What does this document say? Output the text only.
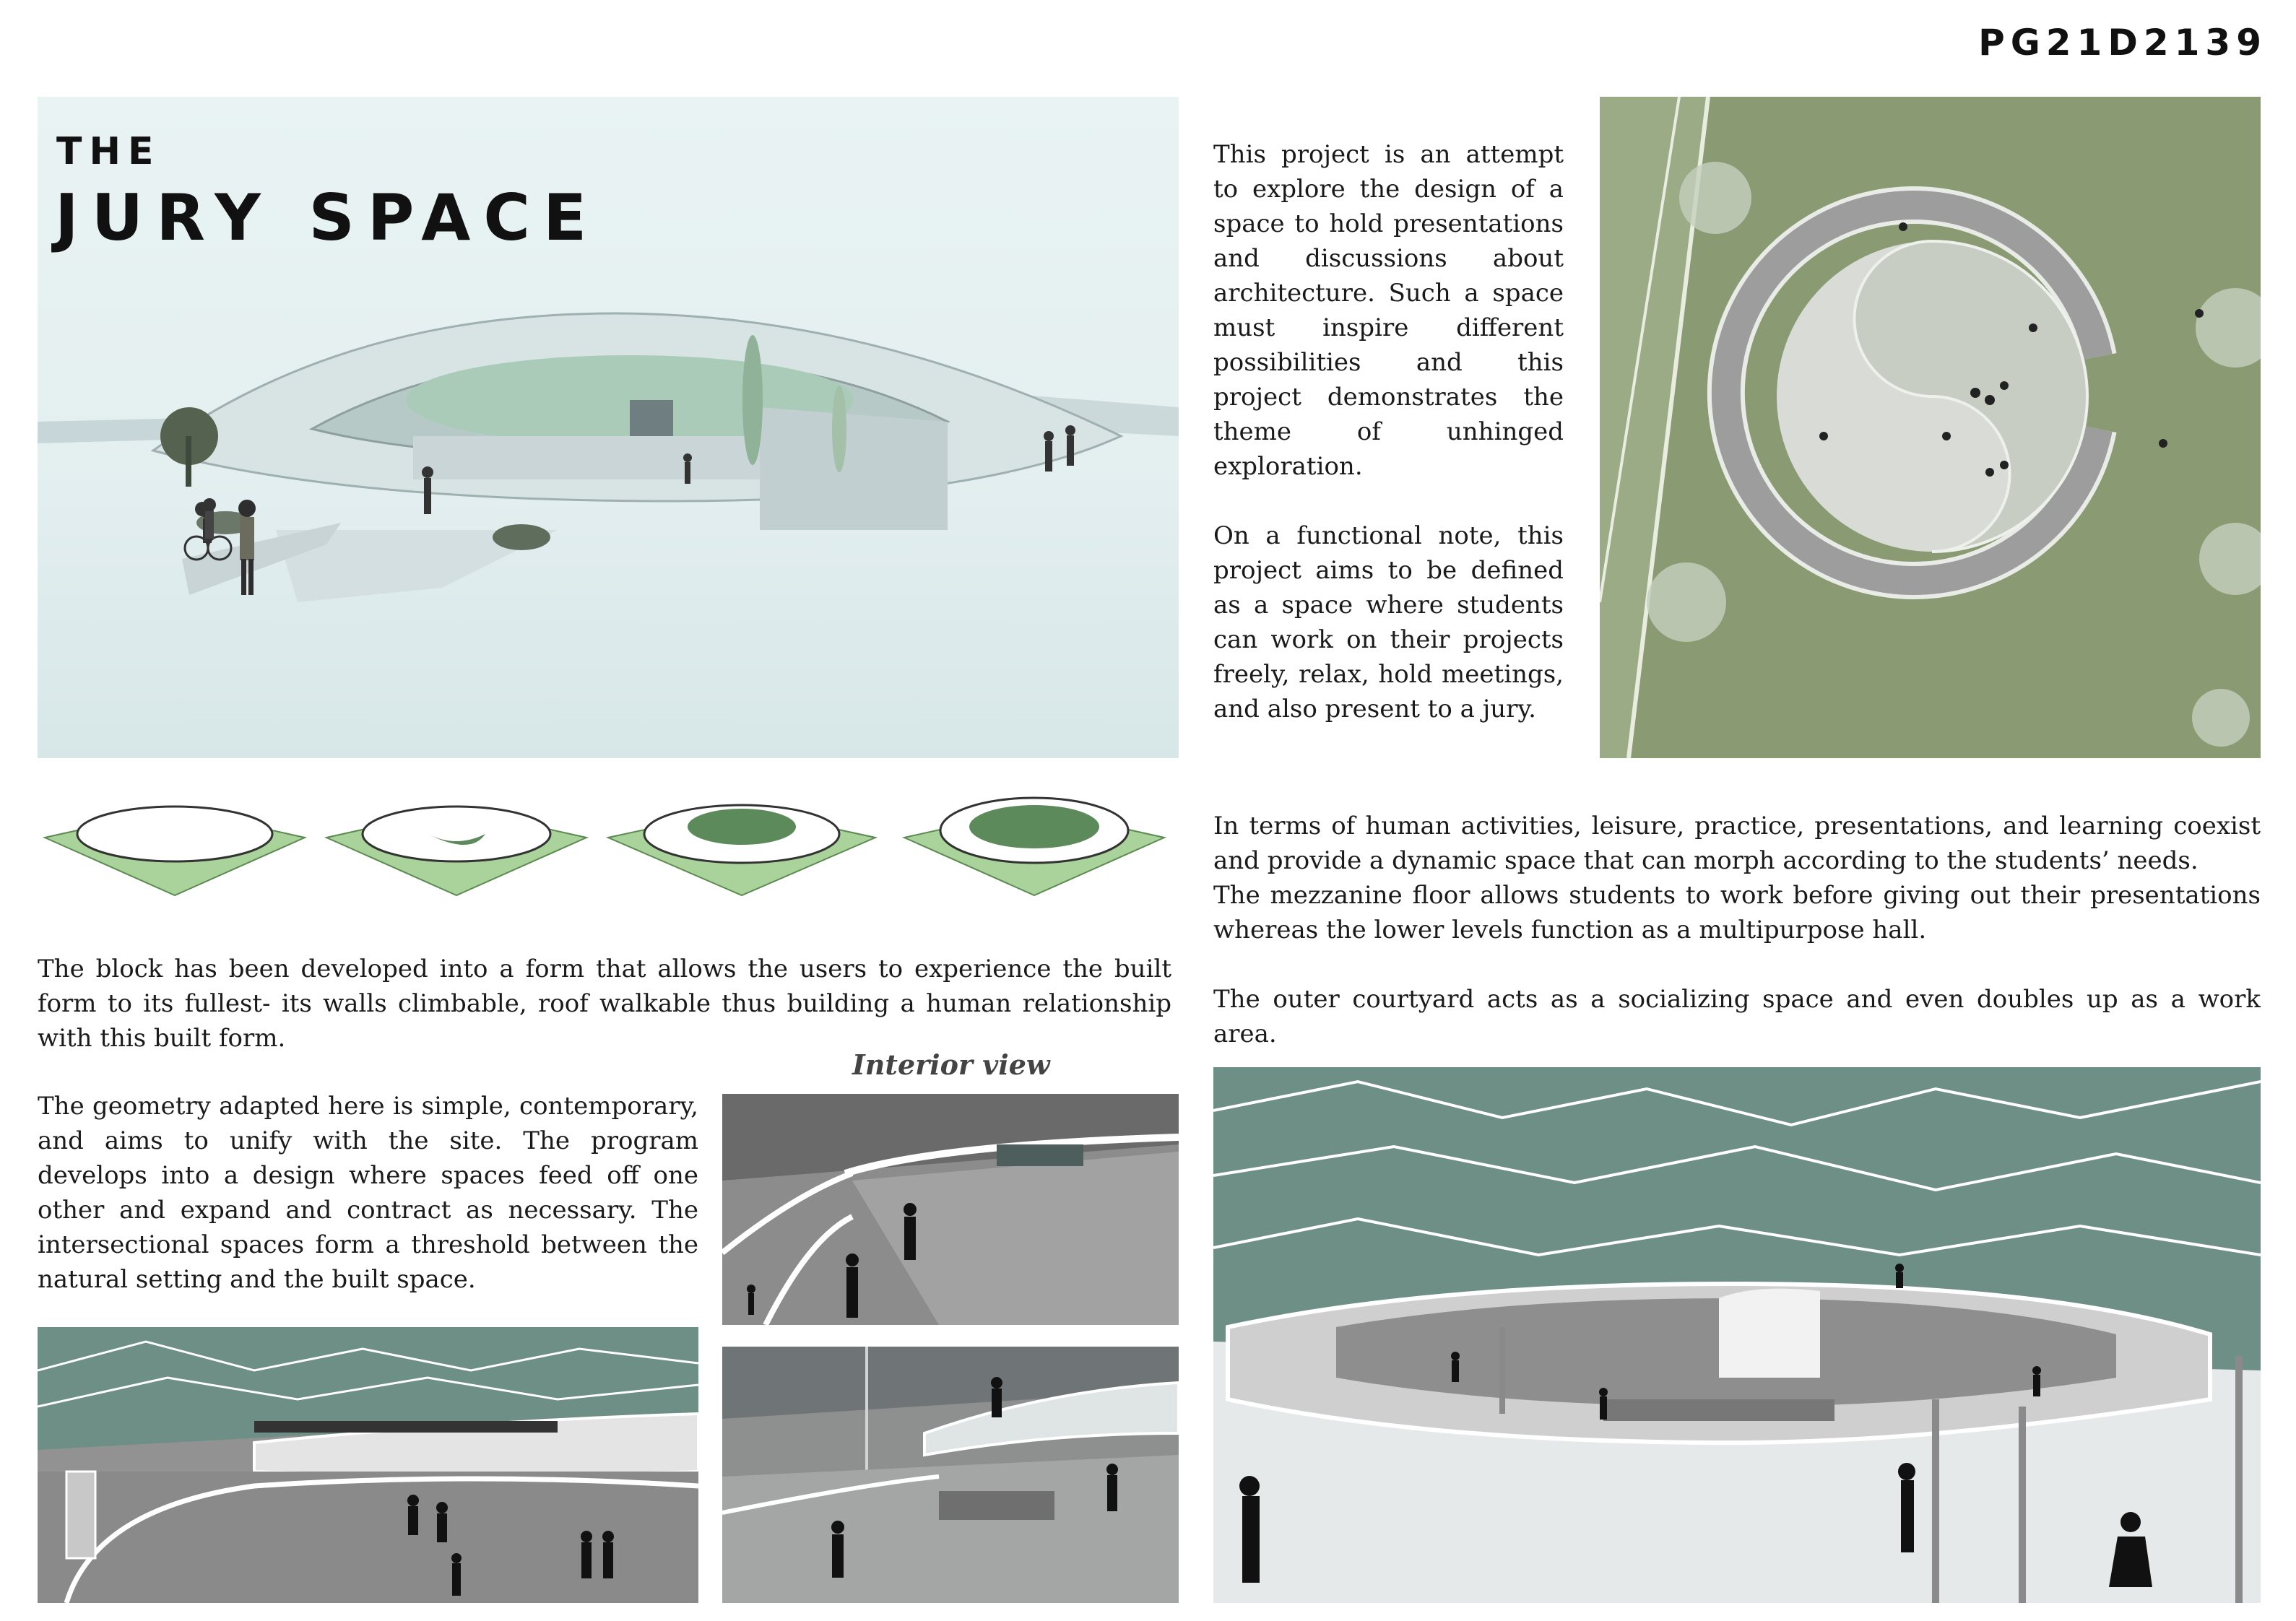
PG21D2139
THE
JURY SPACE

This project is an attempt to explore the design of a space to hold presentations and discussions about architecture. Such a space must inspire different possibilities and this project demonstrates the theme of unhinged exploration.

On a functional note, this project aims to be defined as a space where students can work on their projects freely, relax, hold meetings, and also present to a jury.

In terms of human activities, leisure, practice, presentations, and learning coexist and provide a dynamic space that can morph according to the students’ needs.
The mezzanine floor allows students to work before giving out their presentations whereas the lower levels function as a multipurpose hall.
The outer courtyard acts as a socializing space and even doubles up as a work area.
The block has been developed into a form that allows the users to experience the built form to its fullest- its walls climbable, roof walkable thus building a human relationship with this built form.
The geometry adapted here is simple, contemporary, and aims to unify with the site. The program develops into a design where spaces feed off one other and expand and contract as necessary. The intersectional spaces form a threshold between the natural setting and the built space.
Interior view
